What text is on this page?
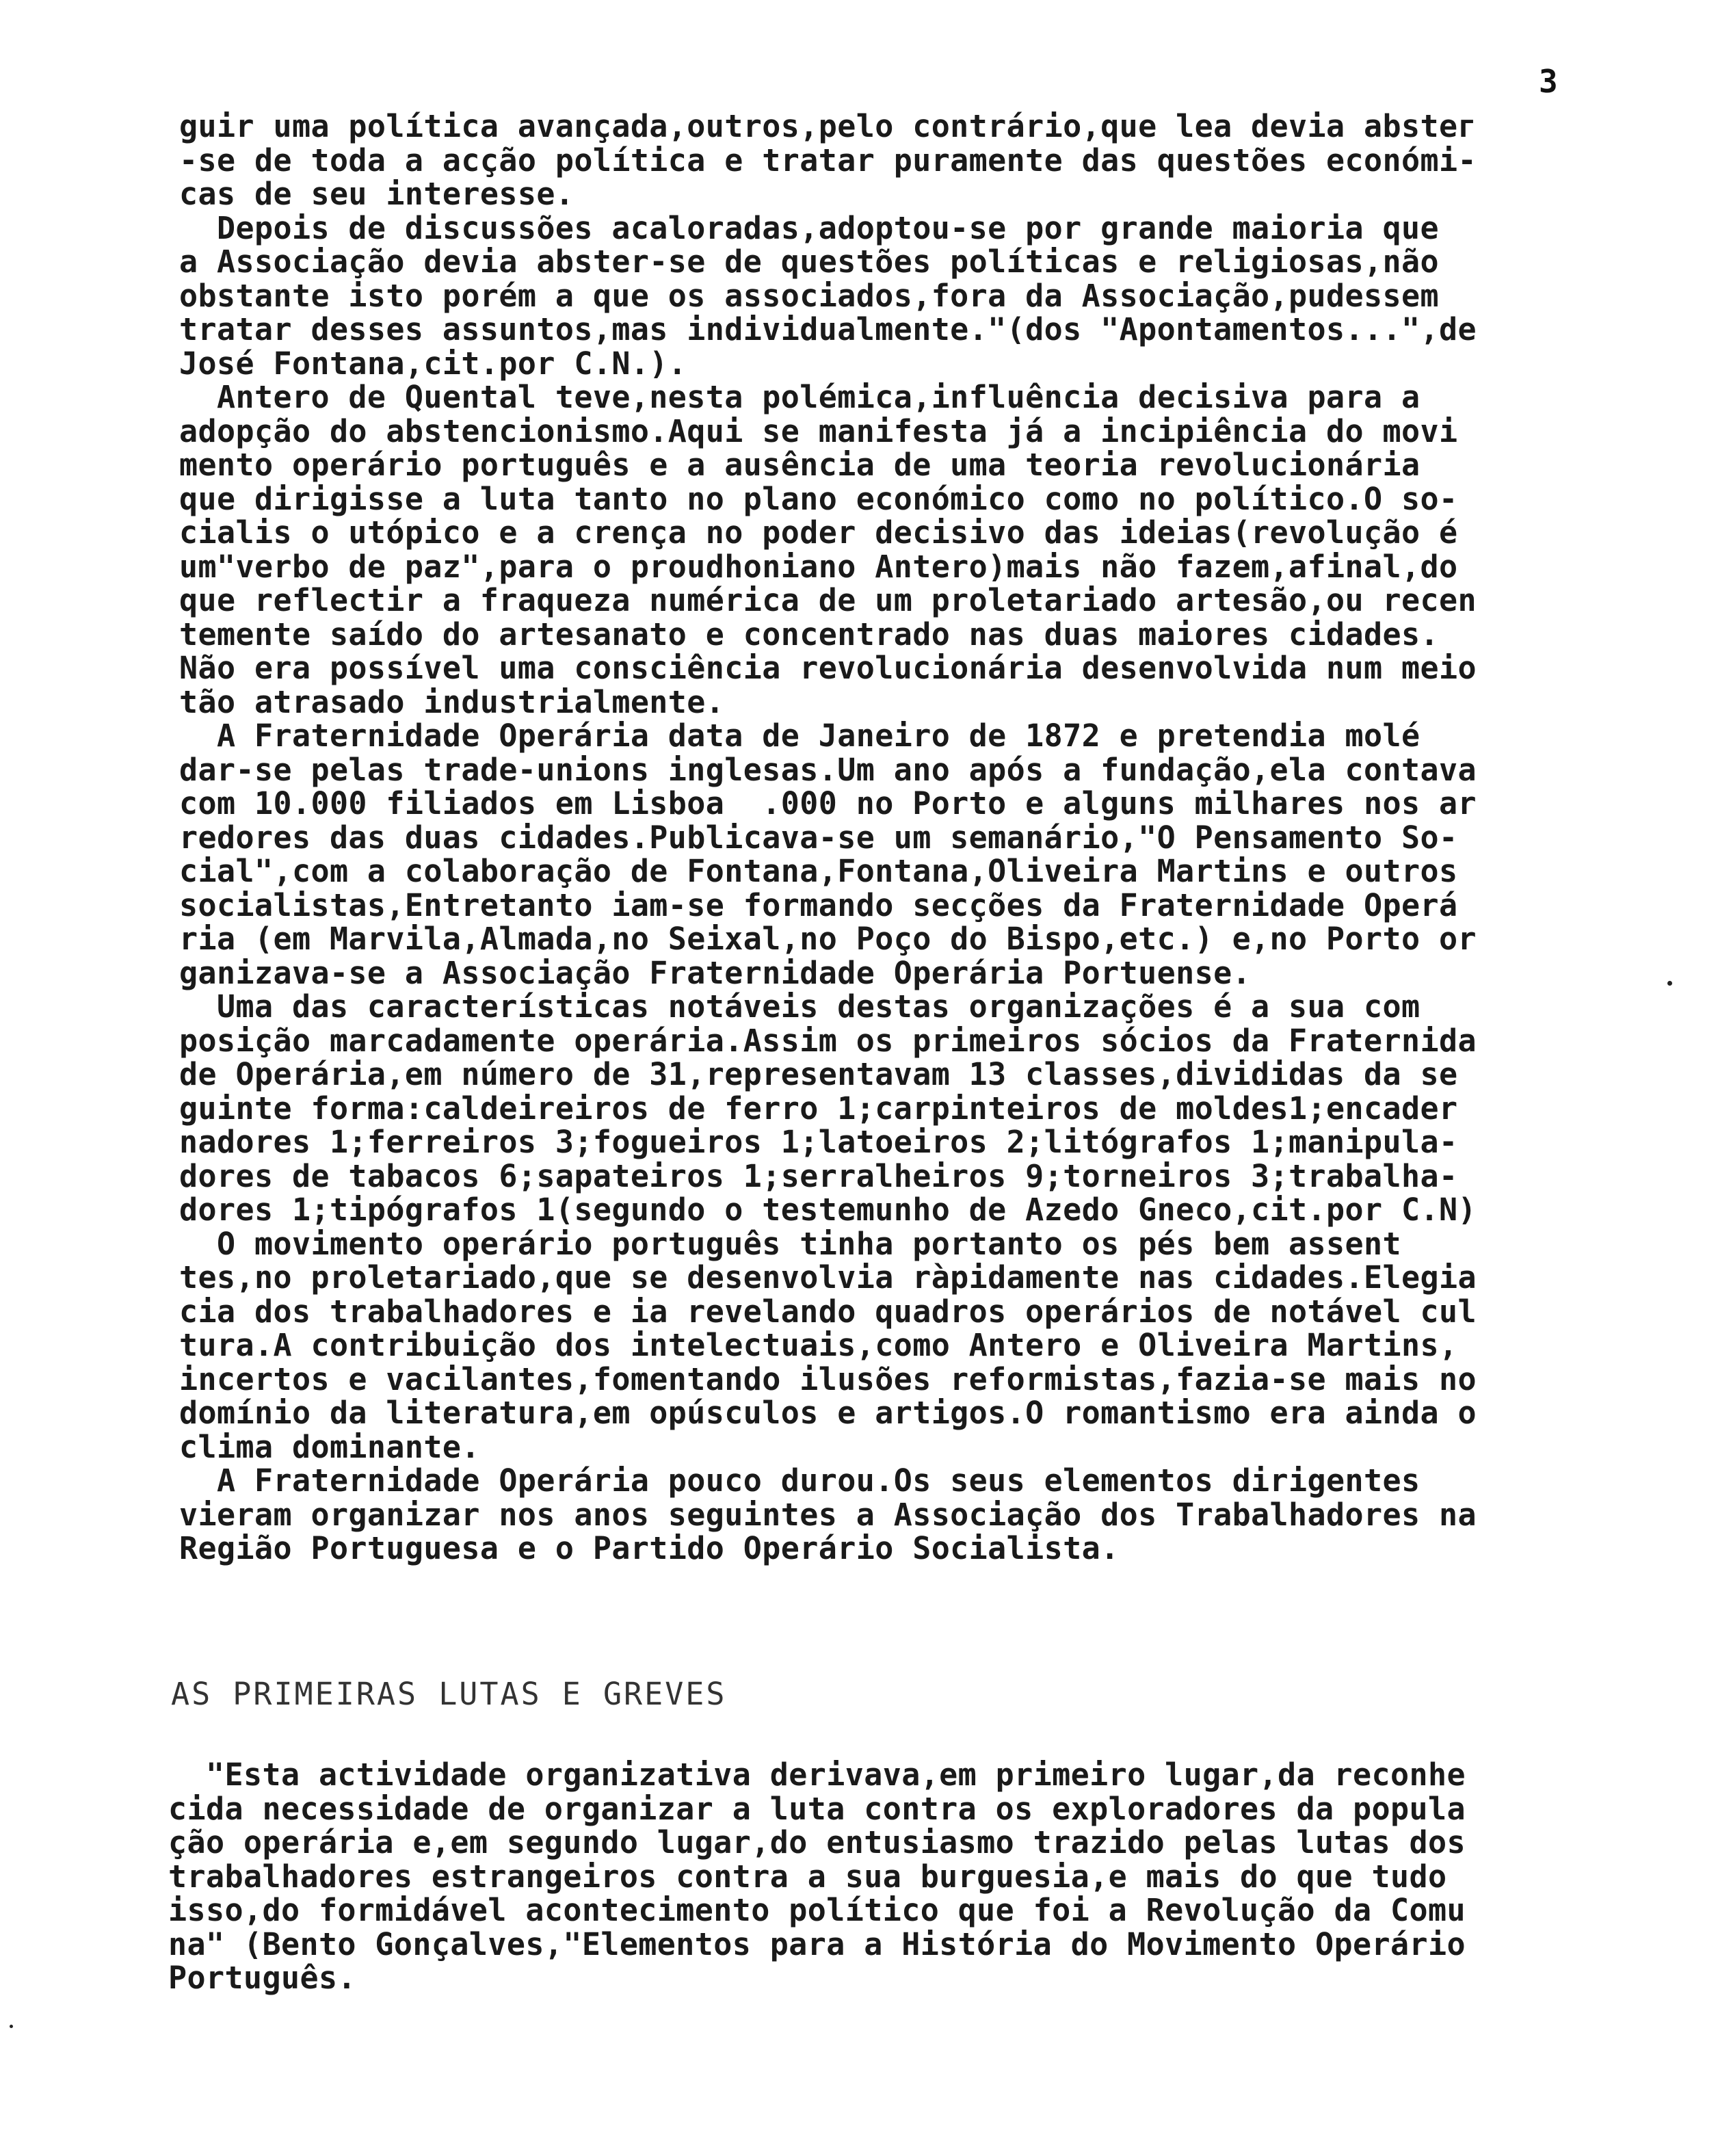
3
guir uma política avançada,outros,pelo contrário,que lea devia absteг
-se de toda a acção política e tratar puramente das questões económi-
cas de seu interesse.
Depois de discussões acaloradas,adoptou-se por grande maioria que
a Associação devia abster-se de questões políticas e religiosas,não
obstante isto porém a que os associados,fora da Associação,pudessem
tratar desses assuntos,mas individualmente."(dos "Apontamentos...",de
José Fontana,cit.por C.N.).
Antero de Quental teve,nesta polémica,influência decisiva para a
adopção do abstencionismo.Aqui se manifesta já a incipiência do movi
mento operário português e a ausência de uma teoria revolucionária
que dirigisse a luta tanto no plano económico como no político.O so-
cialis o utópico e a crença no poder decisivo das ideias(revolução é
um"verbo de paz",para o proudhoniano Antero)mais não fazem,afinal,do
que reflectir a fraqueza numérica de um proletariado artesão,ou recen
temente saído do artesanato e concentrado nas duas maiores cidades.
Não era possível uma consciência revolucionária desenvolvida num meio
tão atrasado industrialmente.
A Fraternidade Operária data de Janeiro de 1872 e pretendia molé
dar-se pelas trade-unions inglesas.Um ano após a fundação,ela contava
com 10.000 filiados em Lisboa  .000 no Porto e alguns milhares nos ar
redores das duas cidades.Publicava-se um semanário,"O Pensamento So-
cial",com a colaboração de Fontana,Fontana,Oliveira Martins e outros
socialistas,Entretanto iam-se formando secções da Fraternidade Operá
ria (em Marvila,Almada,no Seixal,no Poço do Bispo,etc.) e,no Porto or
ganizava-se a Associação Fraternidade Operária Portuense.
Uma das características notáveis destas organizações é a sua com
posição marcadamente operária.Assim os primeiros sócios da Fraternida
de Operária,em número de 31,representavam 13 classes,divididas da se
guinte forma:caldeireiros de ferro 1;carpinteiros de moldes1;encader
nadores 1;ferreiros 3;fogueiros 1;latoeiros 2;litógrafos 1;manipula-
dores de tabacos 6;sapateiros 1;serralheiros 9;torneiros 3;trabalha-
dores 1;tipógrafos 1(segundo o testemunho de Azedo Gneco,cit.por C.N)
O movimento operário português tinha portanto os pés bem assent
tes,no proletariado,que se desenvolvia ràpidamente nas cidades.Elegia
cia dos trabalhadores e ia revelando quadros operários de notável cul
tura.A contribuição dos intelectuais,como Antero e Oliveira Martins,
incertos e vacilantes,fomentando ilusões reformistas,fazia-se mais no
domínio da literatura,em opúsculos e artigos.O romantismo era ainda o
clima dominante.
A Fraternidade Operária pouco durou.Os seus elementos dirigentes
vieram organizar nos anos seguintes a Associação dos Trabalhadores na
Região Portuguesa e o Partido Operário Socialista.
AS PRIMEIRAS LUTAS E GREVES
"Esta actividade organizativa derivava,em primeiro lugar,da reconhe
cida necessidade de organizar a luta contra os exploradores da popula
ção operária e,em segundo lugar,do entusiasmo trazido pelas lutas dos
trabalhadores estrangeiros contra a sua burguesia,e mais do que tudo
isso,do formidável acontecimento político que foi a Revolução da Comu
na" (Bento Gonçalves,"Elementos para a História do Movimento Operário
Português.
